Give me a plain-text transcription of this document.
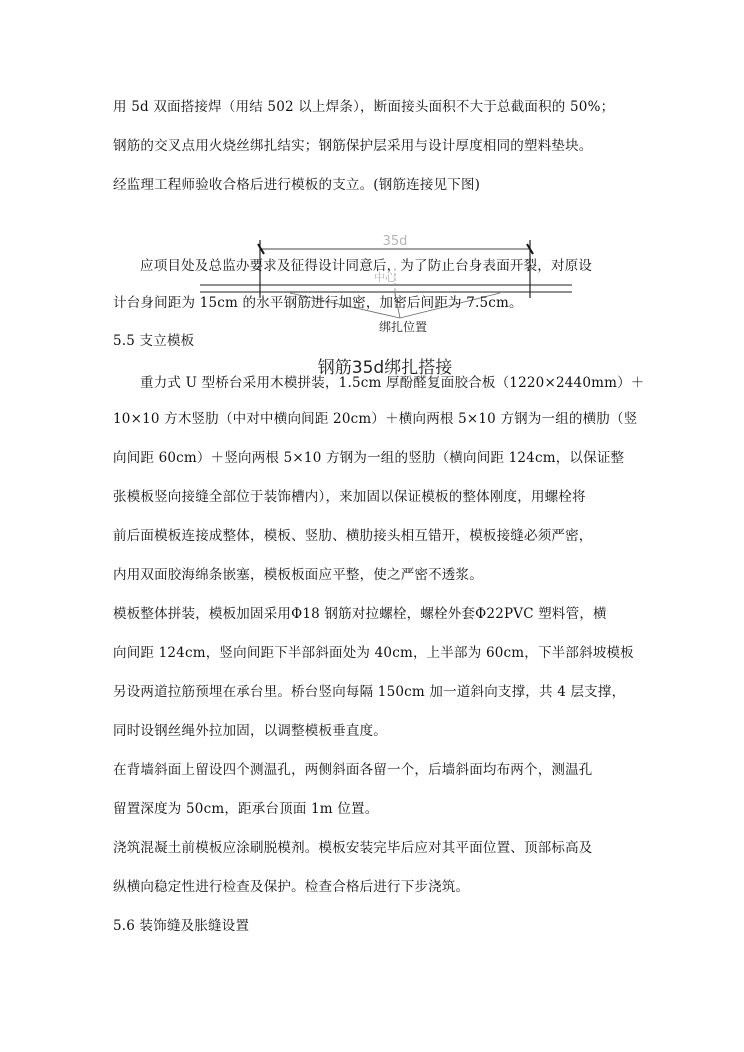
用 5d 双面搭接焊（用结 502 以上焊条），断面接头面积不大于总截面积的 50%；
钢筋的交叉点用火烧丝绑扎结实；钢筋保护层采用与设计厚度相同的塑料垫块。
经监理工程师验收合格后进行模板的支立。(钢筋连接见下图)
35d
中心
绑扎位置
钢筋35d绑扎搭接
应项目处及总监办要求及征得设计同意后，为了防止台身表面开裂，对原设
计台身间距为 15cm 的水平钢筋进行加密，加密后间距为 7.5cm。
5.5 支立模板
重力式 U 型桥台采用木模拼装，1.5cm 厚酚醛复面胶合板（1220×2440mm）＋
10×10 方木竖肋（中对中横向间距 20cm）＋横向两根 5×10 方钢为一组的横肋（竖
向间距 60cm）＋竖向两根 5×10 方钢为一组的竖肋（横向间距 124cm，以保证整
张模板竖向接缝全部位于装饰槽内），来加固以保证模板的整体刚度，用螺栓将
前后面模板连接成整体，模板、竖肋、横肋接头相互错开，模板接缝必须严密，
内用双面胶海绵条嵌塞，模板板面应平整，使之严密不透浆。
模板整体拼装，模板加固采用Φ18 钢筋对拉螺栓，螺栓外套Φ22PVC 塑料管，横
向间距 124cm，竖向间距下半部斜面处为 40cm，上半部为 60cm，下半部斜坡模板
另设两道拉筋预埋在承台里。桥台竖向每隔 150cm 加一道斜向支撑，共 4 层支撑，
同时设钢丝绳外拉加固，以调整模板垂直度。
在背墙斜面上留设四个测温孔，两侧斜面各留一个，后墙斜面均布两个，测温孔
留置深度为 50cm，距承台顶面 1m 位置。
浇筑混凝土前模板应涂刷脱模剂。模板安装完毕后应对其平面位置、顶部标高及
纵横向稳定性进行检查及保护。检查合格后进行下步浇筑。
5.6 装饰缝及胀缝设置
